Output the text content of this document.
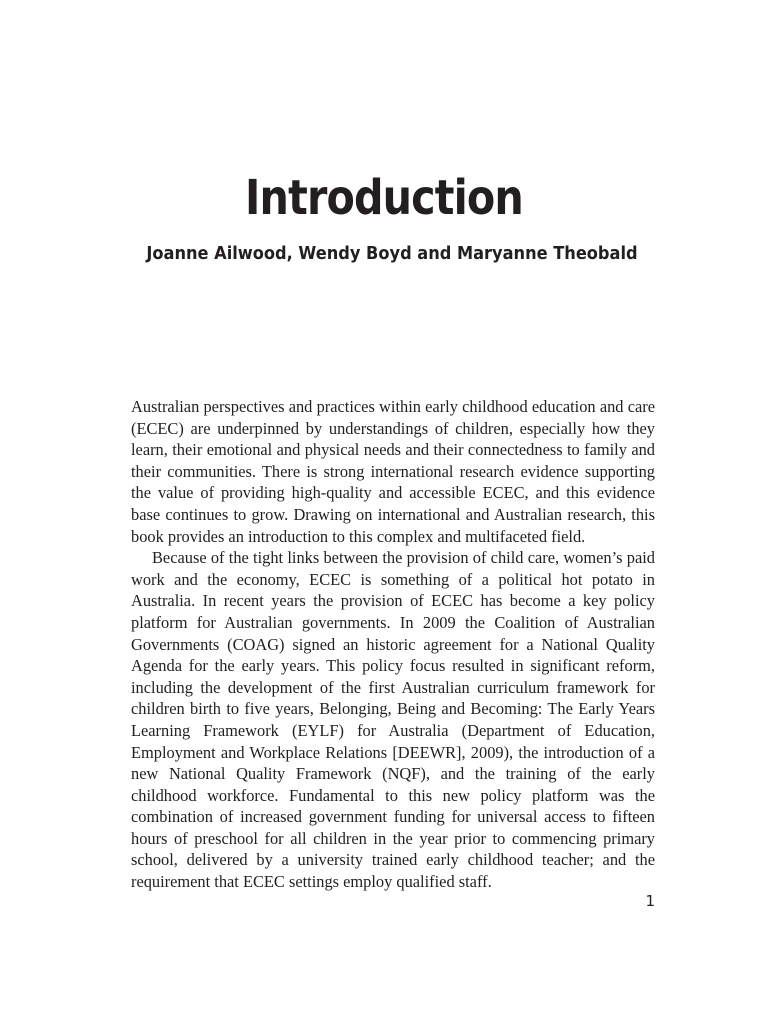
Introduction
Joanne Ailwood, Wendy Boyd and Maryanne Theobald

Australian perspectives and practices within early childhood education and care (ECEC) are underpinned by understandings of children, especially how they learn, their emotional and physical needs and their connectedness to family and their communities. There is strong international research evidence supporting the value of providing high-quality and accessible ECEC, and this evidence base continues to grow. Drawing on international and Australian research, this book provides an introduction to this complex and multifaceted field.

Because of the tight links between the provision of child care, women’s paid work and the economy, ECEC is something of a political hot potato in Australia. In recent years the provision of ECEC has become a key policy platform for Australian governments. In 2009 the Coalition of Australian Governments (COAG) signed an historic agreement for a National Quality Agenda for the early years. This policy focus resulted in significant reform, including the development of the first Australian curriculum framework for children birth to five years, Belonging, Being and Becoming: The Early Years Learning Framework (EYLF) for Australia (Department of Education, Employment and Workplace Relations [DEEWR], 2009), the introduction of a new National Quality Framework (NQF), and the training of the early childhood workforce. Fundamental to this new policy platform was the combination of increased government funding for universal access to fifteen hours of preschool for all children in the year prior to commencing primary school, delivered by a university trained early childhood teacher; and the requirement that ECEC settings employ qualified staff.

1
